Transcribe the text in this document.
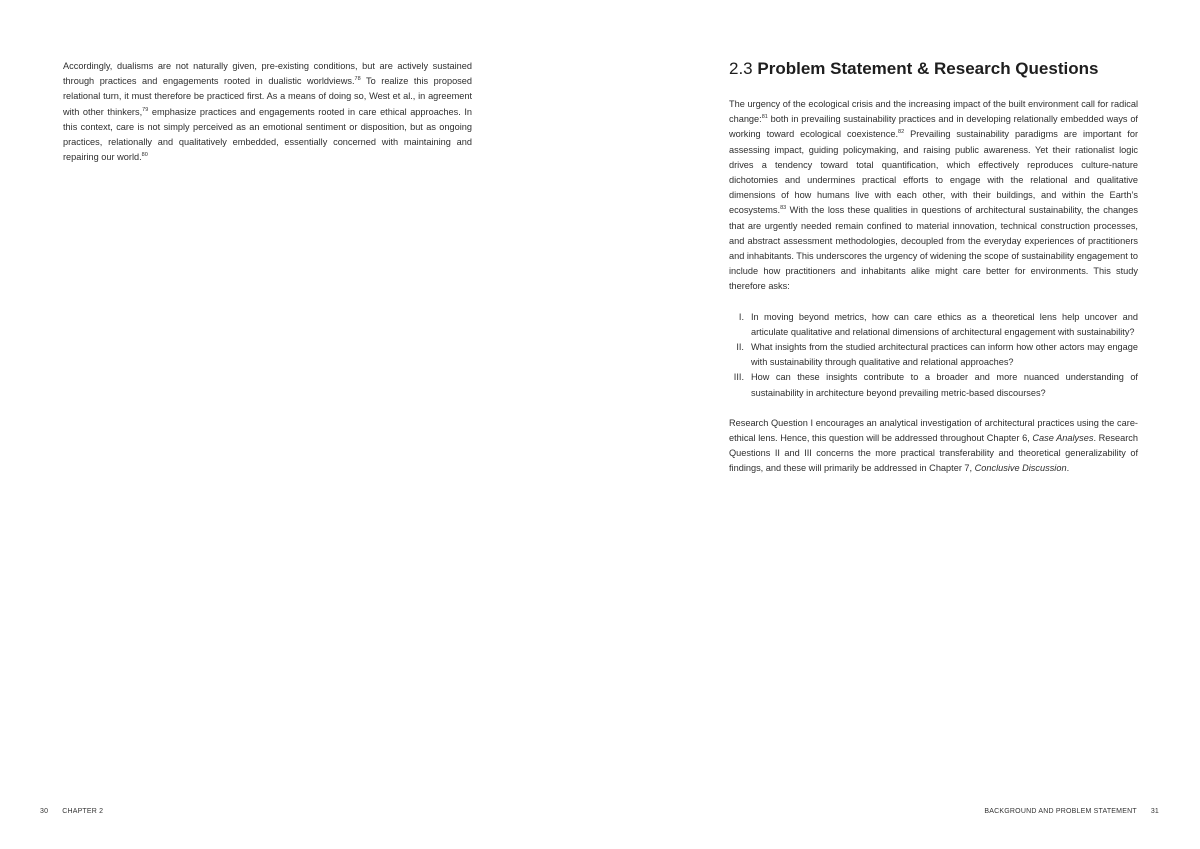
Accordingly, dualisms are not naturally given, pre-existing conditions, but are actively sustained through practices and engagements rooted in dualistic worldviews.$^{78}$ To realize this proposed relational turn, it must therefore be practiced first. As a means of doing so, West et al., in agreement with other thinkers,$^{79}$ emphasize practices and engagements rooted in care ethical approaches. In this context, care is not simply perceived as an emotional sentiment or disposition, but as ongoing practices, relationally and qualitatively embedded, essentially concerned with maintaining and repairing our world.$^{80}$

30 CHAPTER 2
2.3 Problem Statement & Research Questions

The urgency of the ecological crisis and the increasing impact of the built environment call for radical change:$^{81}$ both in prevailing sustainability practices and in developing relationally embedded ways of working toward ecological coexistence.$^{82}$ Prevailing sustainability paradigms are important for assessing impact, guiding policymaking, and raising public awareness. Yet their rationalist logic drives a tendency toward total quantification, which effectively reproduces culture-nature dichotomies and undermines practical efforts to engage with the relational and qualitative dimensions of how humans live with each other, with their buildings, and within the Earth’s ecosystems.$^{83}$ With the loss these qualities in questions of architectural sustainability, the changes that are urgently needed remain confined to material innovation, technical construction processes, and abstract assessment methodologies, decoupled from the everyday experiences of practitioners and inhabitants. This underscores the urgency of widening the scope of sustainability engagement to include how practitioners and inhabitants alike might care better for environments. This study therefore asks:

I. In moving beyond metrics, how can care ethics as a theoretical lens help uncover and articulate qualitative and relational dimensions of architectural engagement with sustainability?
II. What insights from the studied architectural practices can inform how other actors may engage with sustainability through qualitative and relational approaches?
III. How can these insights contribute to a broader and more nuanced understanding of sustainability in architecture beyond prevailing metric-based discourses?

Research Question I encourages an analytical investigation of architectural practices using the care-ethical lens. Hence, this question will be addressed throughout Chapter 6, Case Analyses. Research Questions II and III concerns the more practical transferability and theoretical generalizability of findings, and these will primarily be addressed in Chapter 7, Conclusive Discussion.

BACKGROUND AND PROBLEM STATEMENT 31
